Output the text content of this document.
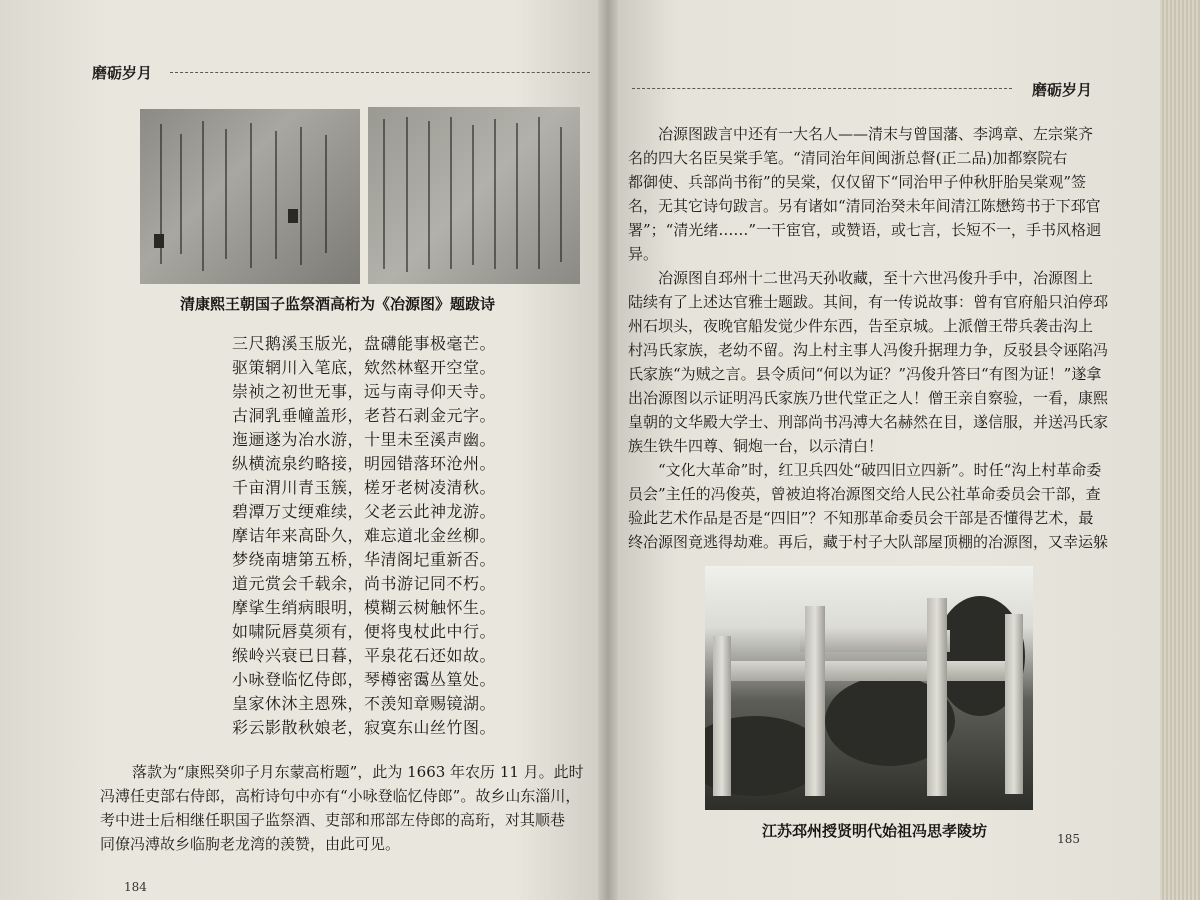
磨砺岁月
磨砺岁月
清康熙王朝国子监祭酒高桁为《冶源图》题跋诗
三尺鹅溪玉版光，盘礴能事极毫芒。
驱策辋川入笔底，欸然林壑开空堂。
崇祯之初世无事，远与南寻仰天寺。
古洞乳垂幢盖形，老苔石剥金元字。
迤逦遂为冶水游，十里未至溪声幽。
纵横流泉约略接，明园错落环沧州。
千亩渭川青玉簇，槎牙老树凌清秋。
碧潭万丈绠难续，父老云此神龙游。
摩诘年来高卧久，难忘道北金丝柳。
梦绕南塘第五桥，华清阁圮重新否。
道元赏会千载余，尚书游记同不朽。
摩挲生绡病眼明，模糊云树触怀生。
如啸阮唇莫须有，便将曳杖此中行。
缑岭兴衰已日暮，平泉花石还如故。
小咏登临忆侍郎，琴樽密霭丛篁处。
皇家休沐主恩殊，不羡知章赐镜湖。
彩云影散秋娘老，寂寞东山丝竹图。
落款为“康熙癸卯子月东蒙高桁题”，此为 1663 年农历 11 月。此时
冯溥任吏部右侍郎，高桁诗句中亦有“小咏登临忆侍郎”。故乡山东淄川，
考中进士后相继任职国子监祭酒、吏部和邢部左侍郎的高珩，对其顺巷
同僚冯溥故乡临朐老龙湾的羡赞，由此可见。
184
冶源图跋言中还有一大名人——清末与曾国藩、李鸿章、左宗棠齐
名的四大名臣吴棠手笔。“清同治年间闽浙总督(正二品)加都察院右
都御使、兵部尚书衔”的吴棠，仅仅留下“同治甲子仲秋肝胎吴棠观”签
名，无其它诗句跋言。另有诸如“清同治癸未年间清江陈懋筠书于下邳官
署”；“清光绪……”一干宦官，或赞语，或七言，长短不一，手书风格迥
异。
冶源图自邳州十二世冯天孙收藏，至十六世冯俊升手中，冶源图上
陆续有了上述达官雅士题跋。其间，有一传说故事：曾有官府船只泊停邳
州石坝头，夜晚官船发觉少件东西，告至京城。上派僧王带兵袭击沟上
村冯氏家族，老幼不留。沟上村主事人冯俊升据理力争，反驳县令诬陷冯
氏家族“为贼之言。县令质问“何以为证？”冯俊升答曰“有图为证！”遂拿
出冶源图以示证明冯氏家族乃世代堂正之人！僧王亲自察验，一看，康熙
皇朝的文华殿大学士、刑部尚书冯溥大名赫然在目，遂信服，并送冯氏家
族生铁牛四尊、铜炮一台，以示清白！
“文化大革命”时，红卫兵四处“破四旧立四新”。时任“沟上村革命委
员会”主任的冯俊英，曾被迫将冶源图交给人民公社革命委员会干部，查
验此艺术作品是否是“四旧”？不知那革命委员会干部是否懂得艺术，最
终冶源图竟逃得劫难。再后，藏于村子大队部屋顶棚的冶源图，又幸运躲
江苏邳州授贤明代始祖冯思孝陵坊	185
